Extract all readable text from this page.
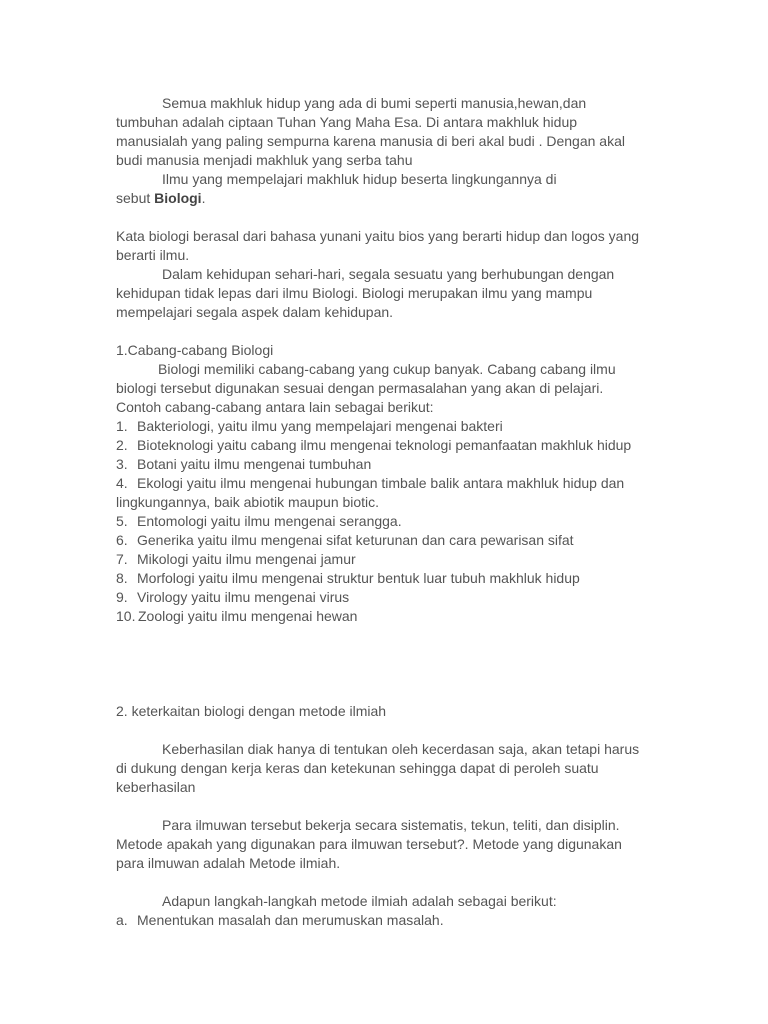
Semua makhluk hidup yang ada di bumi seperti manusia,hewan,dan
tumbuhan adalah ciptaan Tuhan Yang Maha Esa. Di antara makhluk hidup
manusialah yang paling sempurna karena manusia di beri akal budi . Dengan akal
budi manusia menjadi makhluk yang serba tahu
Ilmu yang mempelajari makhluk hidup beserta lingkungannya di
sebut Biologi.
Kata biologi berasal dari bahasa yunani yaitu bios yang berarti hidup dan logos yang
berarti ilmu.
Dalam kehidupan sehari-hari, segala sesuatu yang berhubungan dengan
kehidupan tidak lepas dari ilmu Biologi. Biologi merupakan ilmu yang mampu
mempelajari segala aspek dalam kehidupan.
1.Cabang-cabang Biologi
Biologi memiliki cabang-cabang yang cukup banyak. Cabang cabang ilmu
biologi tersebut digunakan sesuai dengan permasalahan yang akan di pelajari.
Contoh cabang-cabang antara lain sebagai berikut:
1. Bakteriologi, yaitu ilmu yang mempelajari mengenai bakteri
2. Bioteknologi yaitu cabang ilmu mengenai teknologi pemanfaatan makhluk hidup
3. Botani yaitu ilmu mengenai tumbuhan
4. Ekologi yaitu ilmu mengenai hubungan timbale balik antara makhluk hidup dan
lingkungannya, baik abiotik maupun biotic.
5. Entomologi yaitu ilmu mengenai serangga.
6. Generika yaitu ilmu mengenai sifat keturunan dan cara pewarisan sifat
7. Mikologi yaitu ilmu mengenai jamur
8. Morfologi yaitu ilmu mengenai struktur bentuk luar tubuh makhluk hidup
9. Virology yaitu ilmu mengenai virus
10. Zoologi yaitu ilmu mengenai hewan
2. keterkaitan biologi dengan metode ilmiah
Keberhasilan diak hanya di tentukan oleh kecerdasan saja, akan tetapi harus
di dukung dengan kerja keras dan ketekunan sehingga dapat di peroleh suatu
keberhasilan
Para ilmuwan tersebut bekerja secara sistematis, tekun, teliti, dan disiplin.
Metode apakah yang digunakan para ilmuwan tersebut?. Metode yang digunakan
para ilmuwan adalah Metode ilmiah.
Adapun langkah-langkah metode ilmiah adalah sebagai berikut:
a. Menentukan masalah dan merumuskan masalah.
